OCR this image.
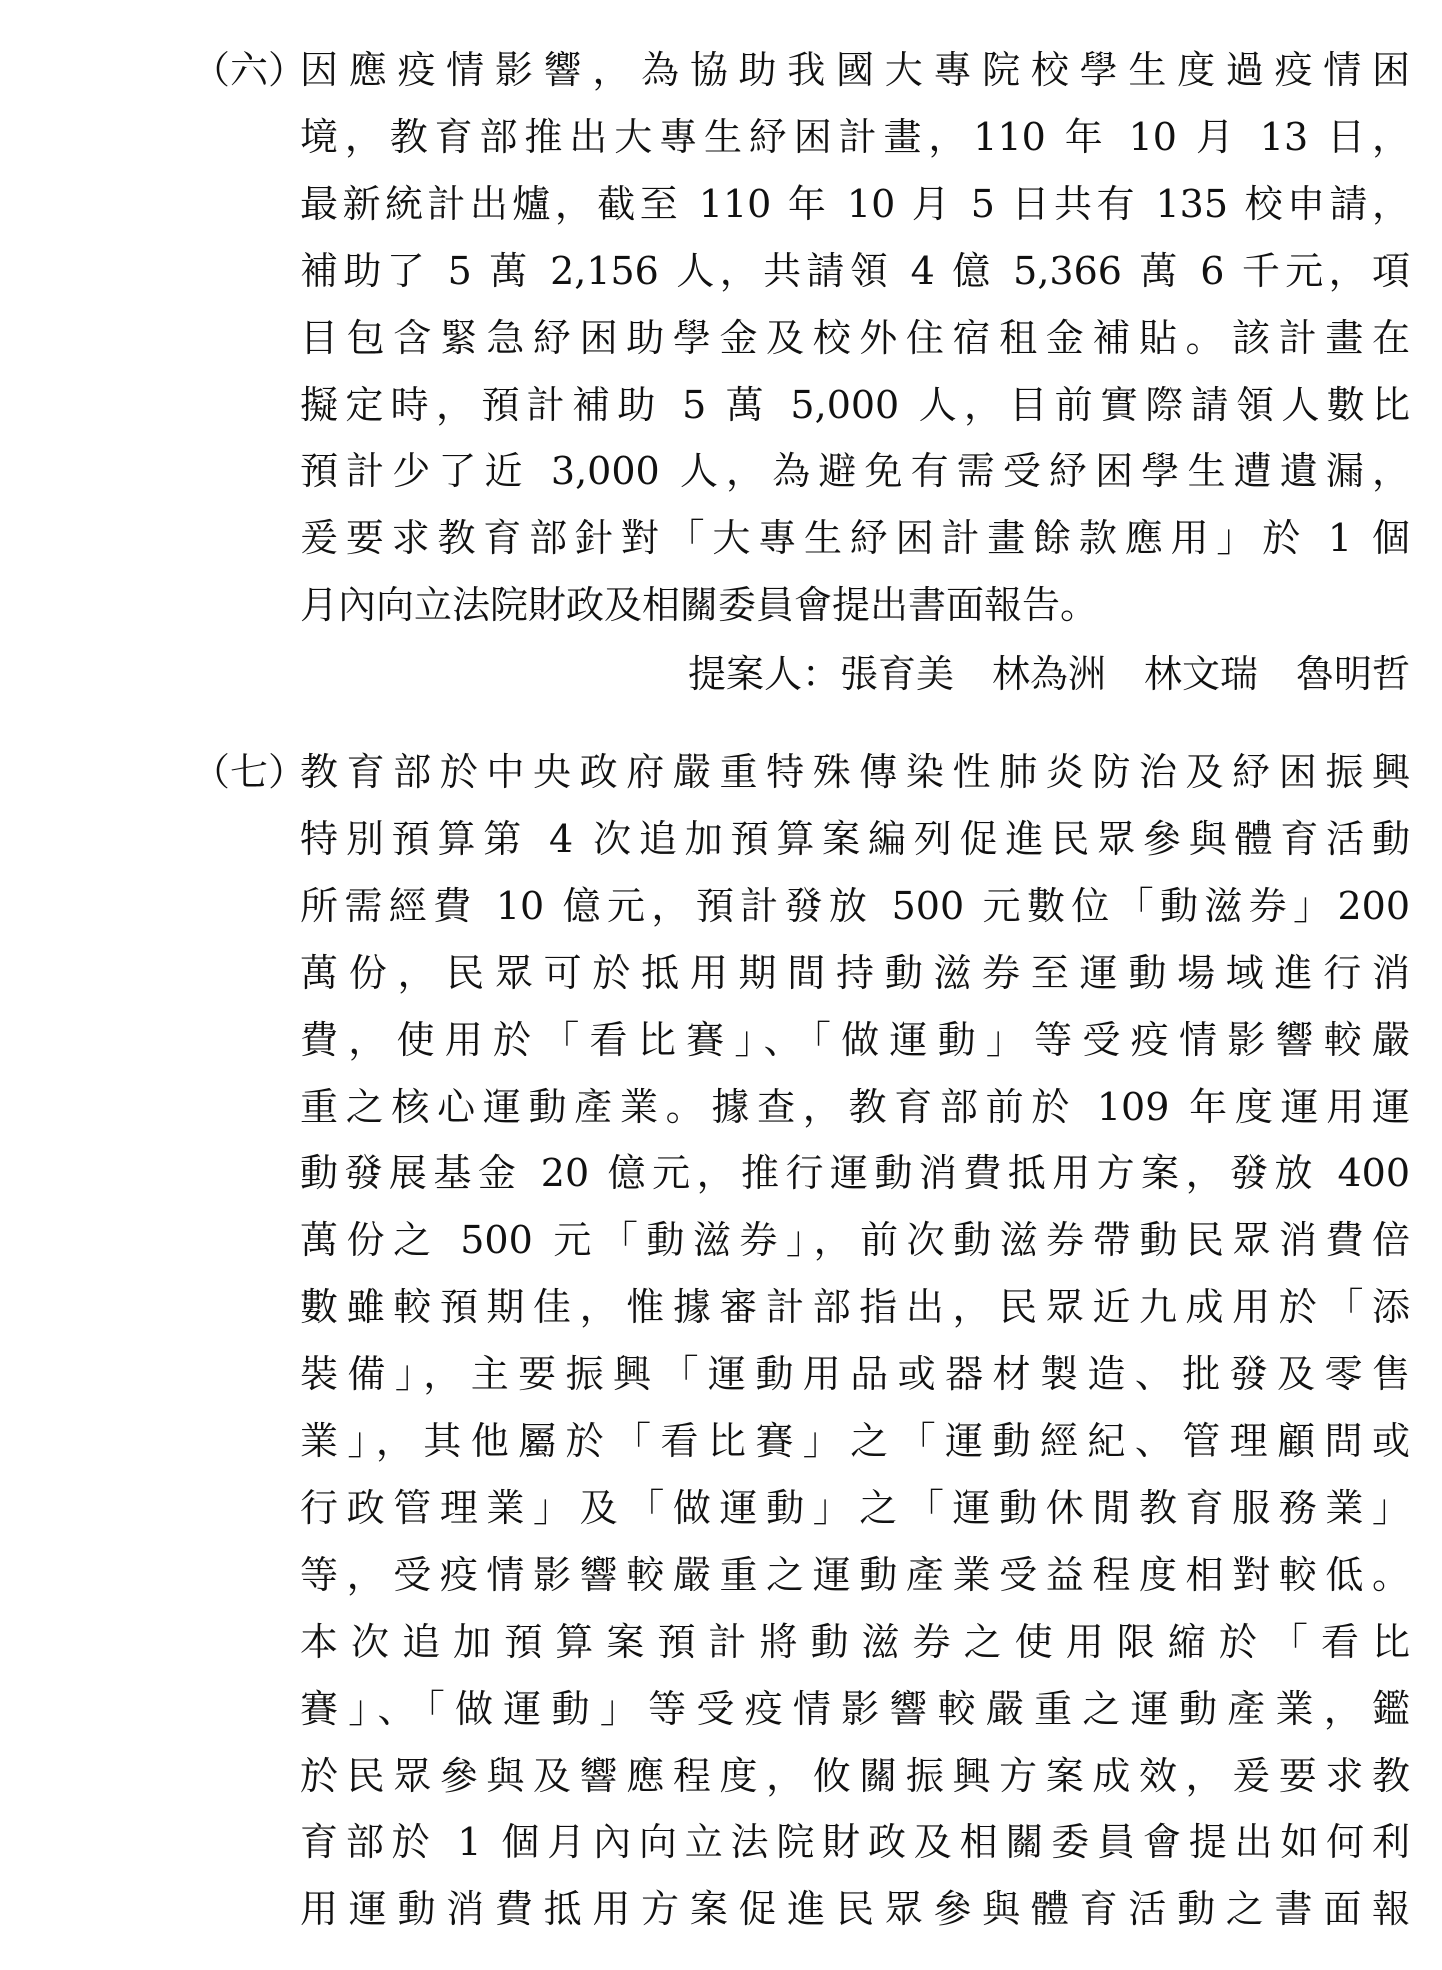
（六）
因應疫情影響，為協助我國大專院校學生度過疫情困
境，教育部推出大專生紓困計畫，110 年 10 月 13 日，
最新統計出爐，截至 110 年 10 月 5 日共有 135 校申請，
補助了 5 萬 2,156 人，共請領 4 億 5,366 萬 6 千元，項
目包含緊急紓困助學金及校外住宿租金補貼。該計畫在
擬定時，預計補助 5 萬 5,000 人，目前實際請領人數比
預計少了近 3,000 人，為避免有需受紓困學生遭遺漏，
爰要求教育部針對「大專生紓困計畫餘款應用」於 1 個
月內向立法院財政及相關委員會提出書面報告。
提案人：張育美　林為洲　林文瑞　魯明哲
（七）
教育部於中央政府嚴重特殊傳染性肺炎防治及紓困振興
特別預算第 4 次追加預算案編列促進民眾參與體育活動
所需經費 10 億元，預計發放 500 元數位「動滋券」200
萬份，民眾可於抵用期間持動滋券至運動場域進行消
費，使用於「看比賽」、「做運動」等受疫情影響較嚴
重之核心運動產業。據查，教育部前於 109 年度運用運
動發展基金 20 億元，推行運動消費抵用方案，發放 400
萬份之 500 元「動滋券」，前次動滋券帶動民眾消費倍
數雖較預期佳，惟據審計部指出，民眾近九成用於「添
裝備」，主要振興「運動用品或器材製造、批發及零售
業」，其他屬於「看比賽」之「運動經紀、管理顧問或
行政管理業」及「做運動」之「運動休閒教育服務業」
等，受疫情影響較嚴重之運動產業受益程度相對較低。
本次追加預算案預計將動滋券之使用限縮於「看比
賽」、「做運動」等受疫情影響較嚴重之運動產業，鑑
於民眾參與及響應程度，攸關振興方案成效，爰要求教
育部於 1 個月內向立法院財政及相關委員會提出如何利
用運動消費抵用方案促進民眾參與體育活動之書面報
